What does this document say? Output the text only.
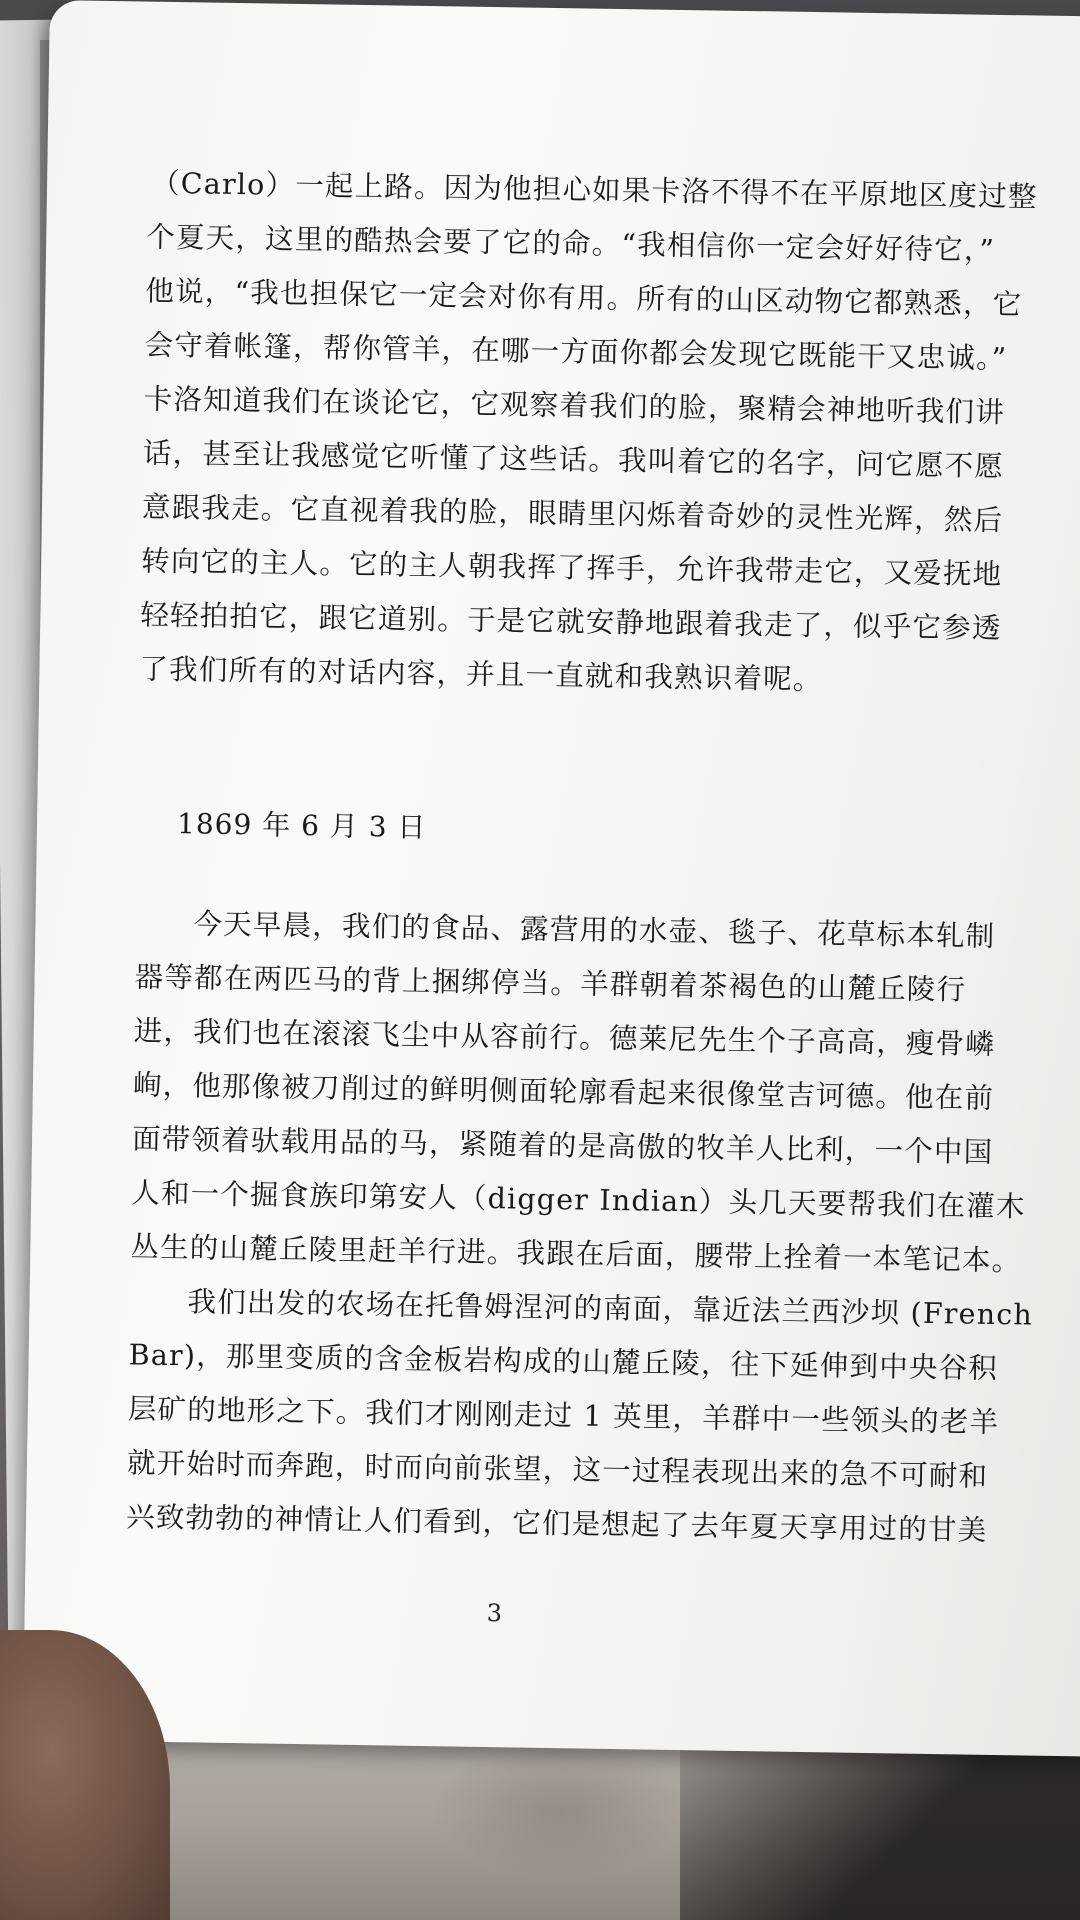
（Carlo）一起上路。因为他担心如果卡洛不得不在平原地区度过整
个夏天，这里的酷热会要了它的命。“我相信你一定会好好待它，”
他说，“我也担保它一定会对你有用。所有的山区动物它都熟悉，它
会守着帐篷，帮你管羊，在哪一方面你都会发现它既能干又忠诚。”
卡洛知道我们在谈论它，它观察着我们的脸，聚精会神地听我们讲
话，甚至让我感觉它听懂了这些话。我叫着它的名字，问它愿不愿
意跟我走。它直视着我的脸，眼睛里闪烁着奇妙的灵性光辉，然后
转向它的主人。它的主人朝我挥了挥手，允许我带走它，又爱抚地
轻轻拍拍它，跟它道别。于是它就安静地跟着我走了，似乎它参透
了我们所有的对话内容，并且一直就和我熟识着呢。
1869 年 6 月 3 日
今天早晨，我们的食品、露营用的水壶、毯子、花草标本轧制
器等都在两匹马的背上捆绑停当。羊群朝着茶褐色的山麓丘陵行
进，我们也在滚滚飞尘中从容前行。德莱尼先生个子高高，瘦骨嶙
峋，他那像被刀削过的鲜明侧面轮廓看起来很像堂吉诃德。他在前
面带领着驮载用品的马，紧随着的是高傲的牧羊人比利，一个中国
人和一个掘食族印第安人（digger Indian）头几天要帮我们在灌木
丛生的山麓丘陵里赶羊行进。我跟在后面，腰带上拴着一本笔记本。
我们出发的农场在托鲁姆涅河的南面，靠近法兰西沙坝 (French
Bar)，那里变质的含金板岩构成的山麓丘陵，往下延伸到中央谷积
层矿的地形之下。我们才刚刚走过 1 英里，羊群中一些领头的老羊
就开始时而奔跑，时而向前张望，这一过程表现出来的急不可耐和
兴致勃勃的神情让人们看到，它们是想起了去年夏天享用过的甘美
3
